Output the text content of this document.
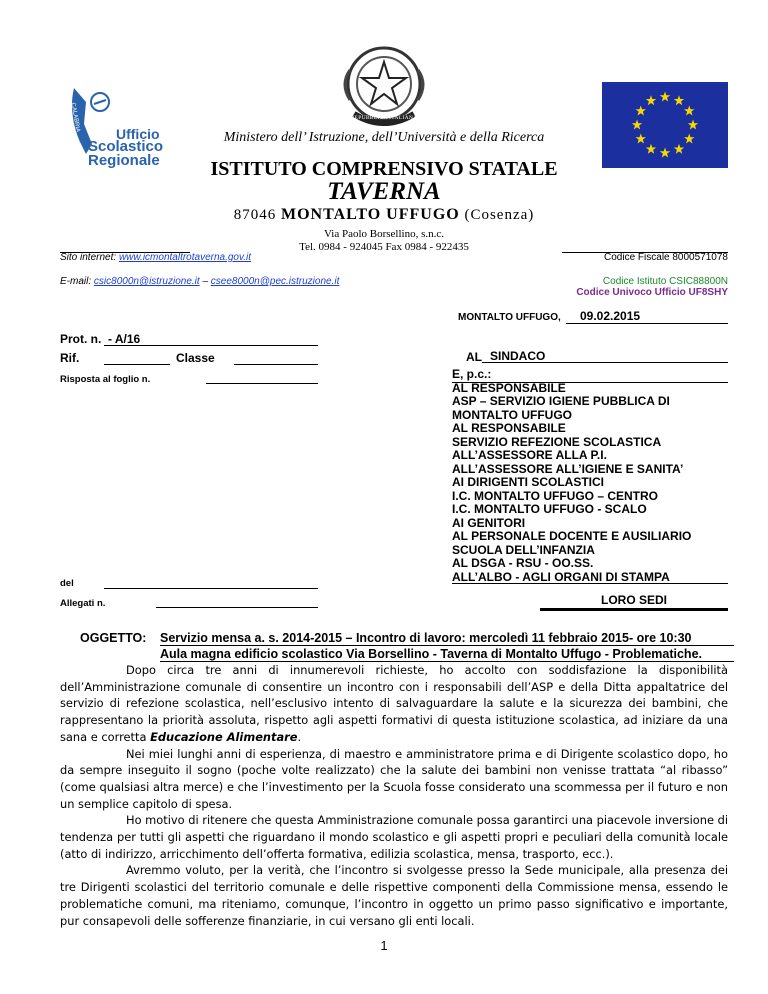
CALABRIA
Ufficio
Scolastico
Regionale
REPUBBLICA ITALIANA
Ministero dell’ Istruzione, dell’Università e della Ricerca
ISTITUTO COMPRENSIVO STATALE
TAVERNA
87046 MONTALTO UFFUGO (Cosenza)
Via Paolo Borsellino, s.n.c.
Tel. 0984 - 924045 Fax 0984 - 922435
Sito internet: www.icmontaltrotaverna.gov.it	Codice Fiscale 8000571078
E-mail: csic8000n@istruzione.it – csee8000n@pec.istruzione.it	Codice Istituto CSIC88800N
Codice Univoco Ufficio UF8SHY
MONTALTO UFFUGO,	09.02.2015
Prot. n. - A/16
Rif.	Classe
Risposta al foglio n.
del
Allegati n.
AL SINDACO
E, p.c.:
AL RESPONSABILE
ASP – SERVIZIO IGIENE PUBBLICA DI
MONTALTO UFFUGO
AL RESPONSABILE
SERVIZIO REFEZIONE SCOLASTICA
ALL’ASSESSORE ALLA P.I.
ALL’ASSESSORE ALL’IGIENE E SANITA’
AI DIRIGENTI SCOLASTICI
I.C. MONTALTO UFFUGO – CENTRO
I.C. MONTALTO UFFUGO - SCALO
AI GENITORI
AL PERSONALE DOCENTE E AUSILIARIO
SCUOLA DELL’INFANZIA
AL DSGA - RSU - OO.SS.
ALL’ALBO - AGLI ORGANI DI STAMPA
LORO SEDI
OGGETTO: Servizio mensa a. s. 2014-2015 – Incontro di lavoro: mercoledì 11 febbraio 2015- ore 10:30
Aula magna edificio scolastico Via Borsellino - Taverna di Montalto Uffugo - Problematiche.

Dopo circa tre anni di innumerevoli richieste, ho accolto con soddisfazione la disponibilità dell’Amministrazione comunale di consentire un incontro con i responsabili dell’ASP e della Ditta appaltatrice del servizio di refezione scolastica, nell’esclusivo intento di salvaguardare la salute e la sicurezza dei bambini, che rappresentano la priorità assoluta, rispetto agli aspetti formativi di questa istituzione scolastica, ad iniziare da una sana e corretta Educazione Alimentare.

Nei miei lunghi anni di esperienza, di maestro e amministratore prima e di Dirigente scolastico dopo, ho da sempre inseguito il sogno (poche volte realizzato) che la salute dei bambini non venisse trattata “al ribasso” (come qualsiasi altra merce) e che l’investimento per la Scuola fosse considerato una scommessa per il futuro e non un semplice capitolo di spesa.

Ho motivo di ritenere che questa Amministrazione comunale possa garantirci una piacevole inversione di tendenza per tutti gli aspetti che riguardano il mondo scolastico e gli aspetti propri e peculiari della comunità locale (atto di indirizzo, arricchimento dell’offerta formativa, edilizia scolastica, mensa, trasporto, ecc.).

Avremmo voluto, per la verità, che l’incontro si svolgesse presso la Sede municipale, alla presenza dei tre Dirigenti scolastici del territorio comunale e delle rispettive componenti della Commissione mensa, essendo le problematiche comuni, ma riteniamo, comunque, l’incontro in oggetto un primo passo significativo e importante, pur consapevoli delle sofferenze finanziarie, in cui versano gli enti locali.

1
